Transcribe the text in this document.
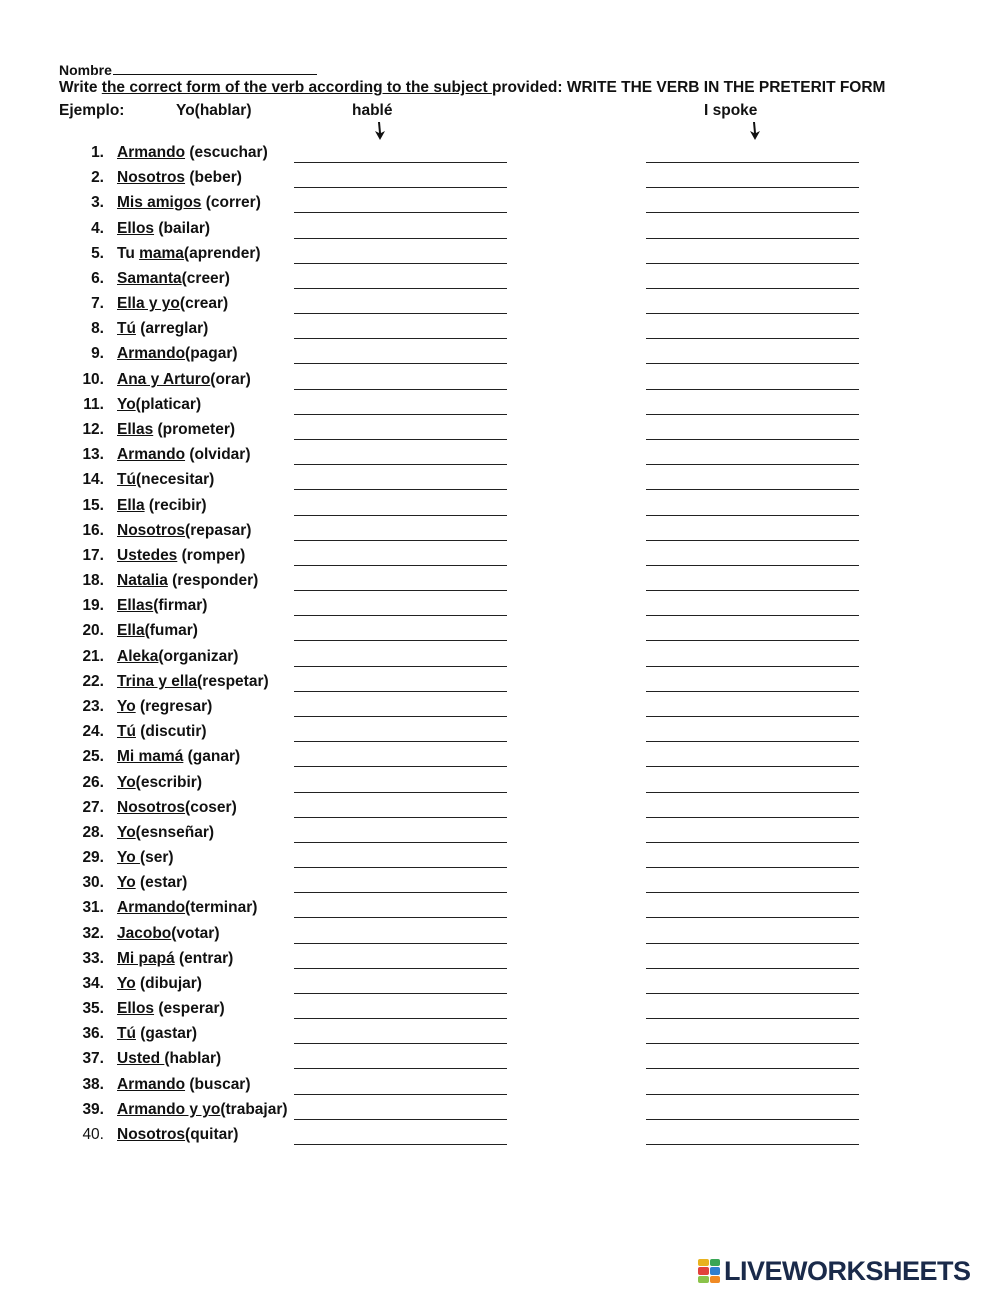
Nombre
Write the correct form of the verb according to the subject provided: WRITE THE VERB IN THE PRETERIT FORM
Ejemplo:	Yo(hablar)	hablé	I spoke
1. Armando (escuchar)
2. Nosotros (beber)
3. Mis amigos (correr)
4. Ellos (bailar)
5. Tu mama(aprender)
6. Samanta(creer)
7. Ella y yo(crear)
8. Tú (arreglar)
9. Armando(pagar)
10. Ana y Arturo(orar)
11. Yo(platicar)
12. Ellas (prometer)
13. Armando (olvidar)
14. Tú(necesitar)
15. Ella (recibir)
16. Nosotros(repasar)
17. Ustedes (romper)
18. Natalia (responder)
19. Ellas(firmar)
20. Ella(fumar)
21. Aleka(organizar)
22. Trina y ella(respetar)
23. Yo (regresar)
24. Tú (discutir)
25. Mi mamá (ganar)
26. Yo(escribir)
27. Nosotros(coser)
28. Yo(esnseñar)
29. Yo (ser)
30. Yo (estar)
31. Armando(terminar)
32. Jacobo(votar)
33. Mi papá (entrar)
34. Yo (dibujar)
35. Ellos (esperar)
36. Tú (gastar)
37. Usted (hablar)
38. Armando (buscar)
39. Armando y yo(trabajar)
40. Nosotros(quitar)
LIVEWORKSHEETS
